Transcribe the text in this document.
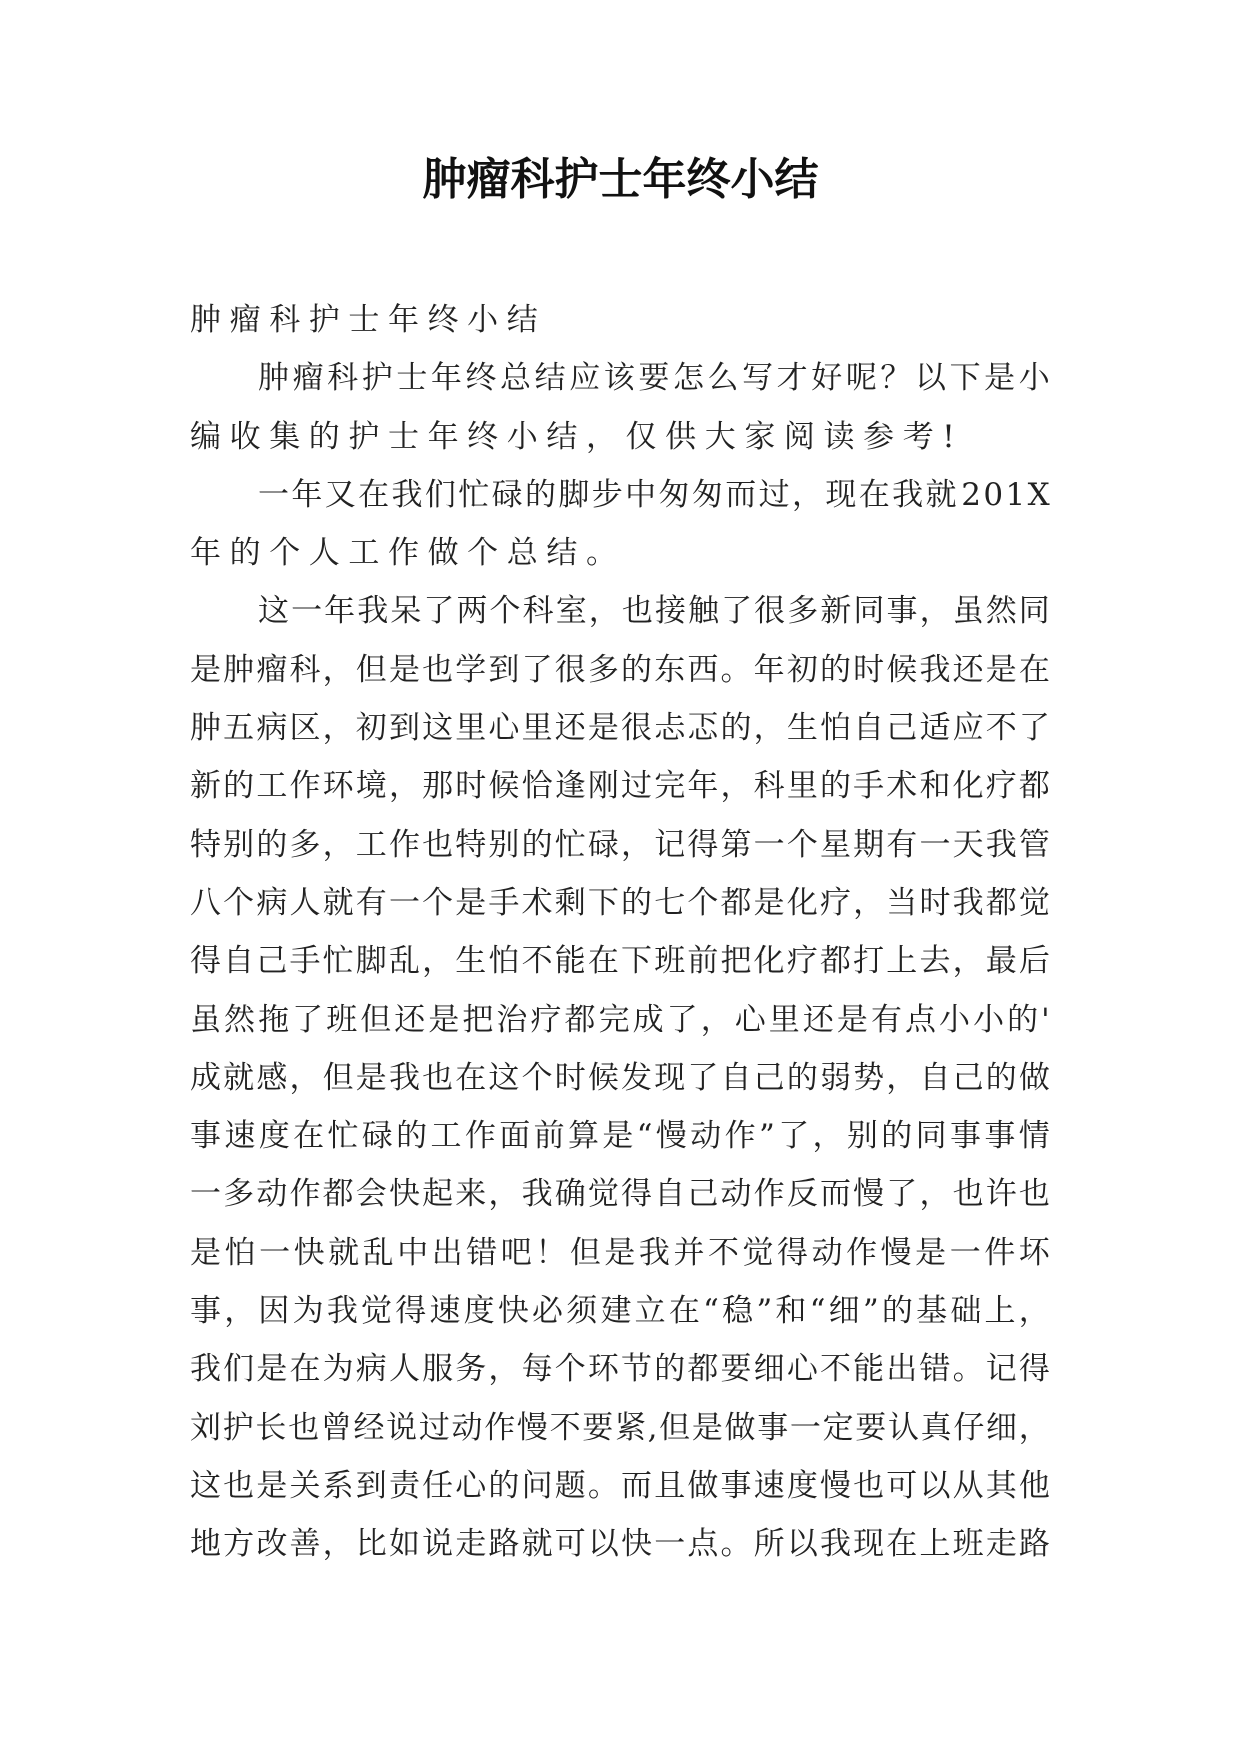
肿瘤科护士年终小结
肿 瘤 科 护 士 年 终 小 结
肿 瘤 科 护 士 年 终 总 结 应 该 要 怎 么 写 才 好 呢 ？ 以 下 是 小
编 收 集 的 护 士 年 终 小 结 ， 仅 供 大 家 阅 读 参 考 !
一 年 又 在 我 们 忙 碌 的 脚 步 中 匆 匆 而 过 ， 现 在 我 就 2 0 1 X
年 的 个 人 工 作 做 个 总 结 。
这 一 年 我 呆 了 两 个 科 室 ， 也 接 触 了 很 多 新 同 事 ， 虽 然 同
是 肿 瘤 科 ， 但 是 也 学 到 了 很 多 的 东 西 。 年 初 的 时 候 我 还 是 在
肿 五 病 区 ， 初 到 这 里 心 里 还 是 很 忐 忑 的 ， 生 怕 自 己 适 应 不 了
新 的 工 作 环 境 ， 那 时 候 恰 逢 刚 过 完 年 ， 科 里 的 手 术 和 化 疗 都
特 别 的 多 ， 工 作 也 特 别 的 忙 碌 ， 记 得 第 一 个 星 期 有 一 天 我 管
八 个 病 人 就 有 一 个 是 手 术 剩 下 的 七 个 都 是 化 疗 ， 当 时 我 都 觉
得 自 己 手 忙 脚 乱 ， 生 怕 不 能 在 下 班 前 把 化 疗 都 打 上 去 ， 最 后
虽 然 拖 了 班 但 还 是 把 治 疗 都 完 成 了 ， 心 里 还 是 有 点 小 小 的 '
成 就 感 ， 但 是 我 也 在 这 个 时 候 发 现 了 自 己 的 弱 势 ， 自 己 的 做
事 速 度 在 忙 碌 的 工 作 面 前 算 是 “ 慢 动 作 ” 了 ， 别 的 同 事 事 情
一 多 动 作 都 会 快 起 来 ， 我 确 觉 得 自 己 动 作 反 而 慢 了 ， 也 许 也
是 怕 一 快 就 乱 中 出 错 吧 ！ 但 是 我 并 不 觉 得 动 作 慢 是 一 件 坏
事 ， 因 为 我 觉 得 速 度 快 必 须 建 立 在 “ 稳 ” 和 “ 细 ” 的 基 础 上 ，
我 们 是 在 为 病 人 服 务 ， 每 个 环 节 的 都 要 细 心 不 能 出 错 。 记 得
刘 护 长 也 曾 经 说 过 动 作 慢 不 要 紧 , 但 是 做 事 一 定 要 认 真 仔 细 ，
这 也 是 关 系 到 责 任 心 的 问 题 。 而 且 做 事 速 度 慢 也 可 以 从 其 他
地 方 改 善 ， 比 如 说 走 路 就 可 以 快 一 点 。 所 以 我 现 在 上 班 走 路
